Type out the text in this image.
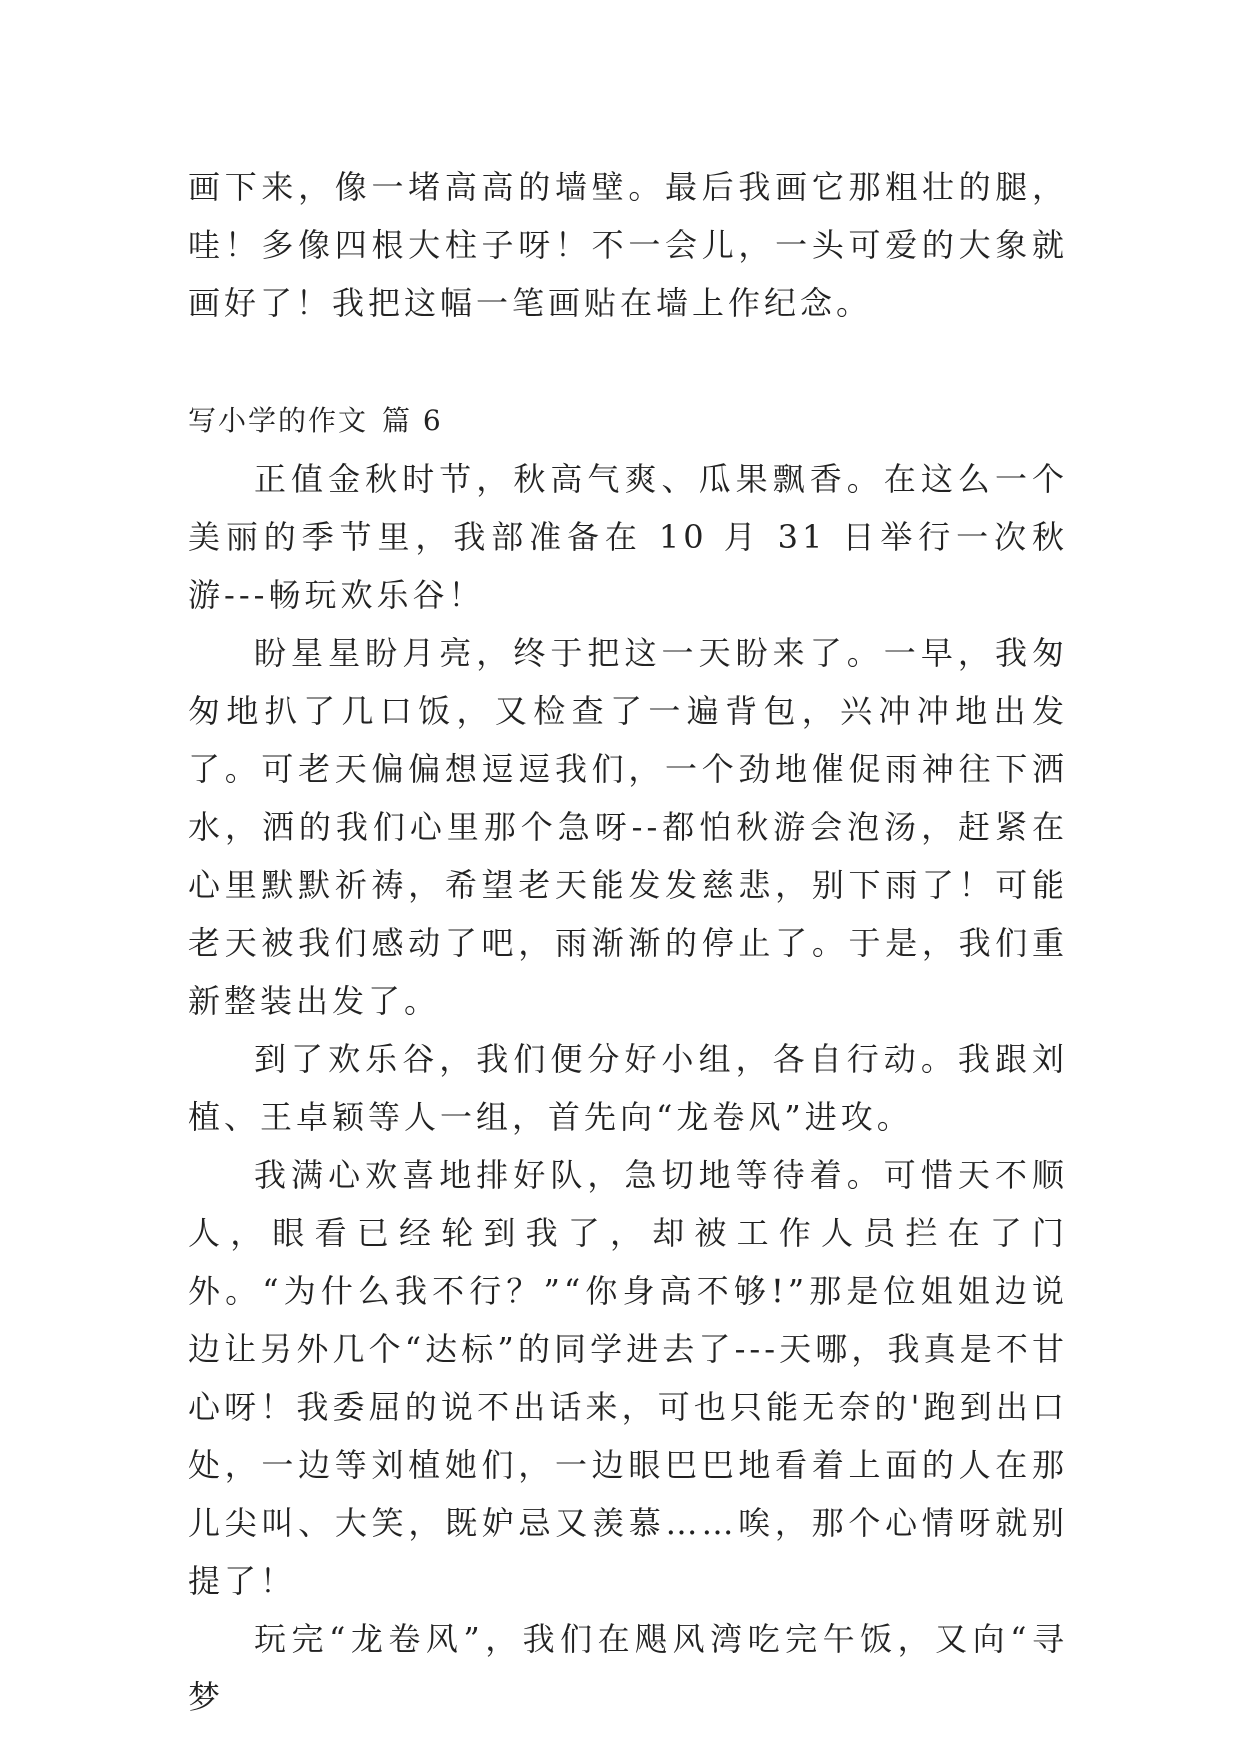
画下来，像一堵高高的墙壁。最后我画它那粗壮的腿，哇！多像四根大柱子呀！不一会儿，一头可爱的大象就画好了！我把这幅一笔画贴在墙上作纪念。

写小学的作文 篇 6

正值金秋时节，秋高气爽、瓜果飘香。在这么一个美丽的季节里，我部准备在 10 月 31 日举行一次秋游---畅玩欢乐谷！

盼星星盼月亮，终于把这一天盼来了。一早，我匆匆地扒了几口饭，又检查了一遍背包，兴冲冲地出发了。可老天偏偏想逗逗我们，一个劲地催促雨神往下洒水，洒的我们心里那个急呀--都怕秋游会泡汤，赶紧在心里默默祈祷，希望老天能发发慈悲，别下雨了！可能老天被我们感动了吧，雨渐渐的停止了。于是，我们重新整装出发了。

到了欢乐谷，我们便分好小组，各自行动。我跟刘植、王卓颖等人一组，首先向“龙卷风”进攻。

我满心欢喜地排好队，急切地等待着。可惜天不顺人，眼看已经轮到我了，却被工作人员拦在了门外。“为什么我不行？”“你身高不够!”那是位姐姐边说边让另外几个“达标”的同学进去了---天哪，我真是不甘心呀！我委屈的说不出话来，可也只能无奈的'跑到出口处，一边等刘植她们，一边眼巴巴地看着上面的人在那儿尖叫、大笑，既妒忌又羡慕……唉，那个心情呀就别提了！

玩完“龙卷风”，我们在飓风湾吃完午饭，又向“寻梦
